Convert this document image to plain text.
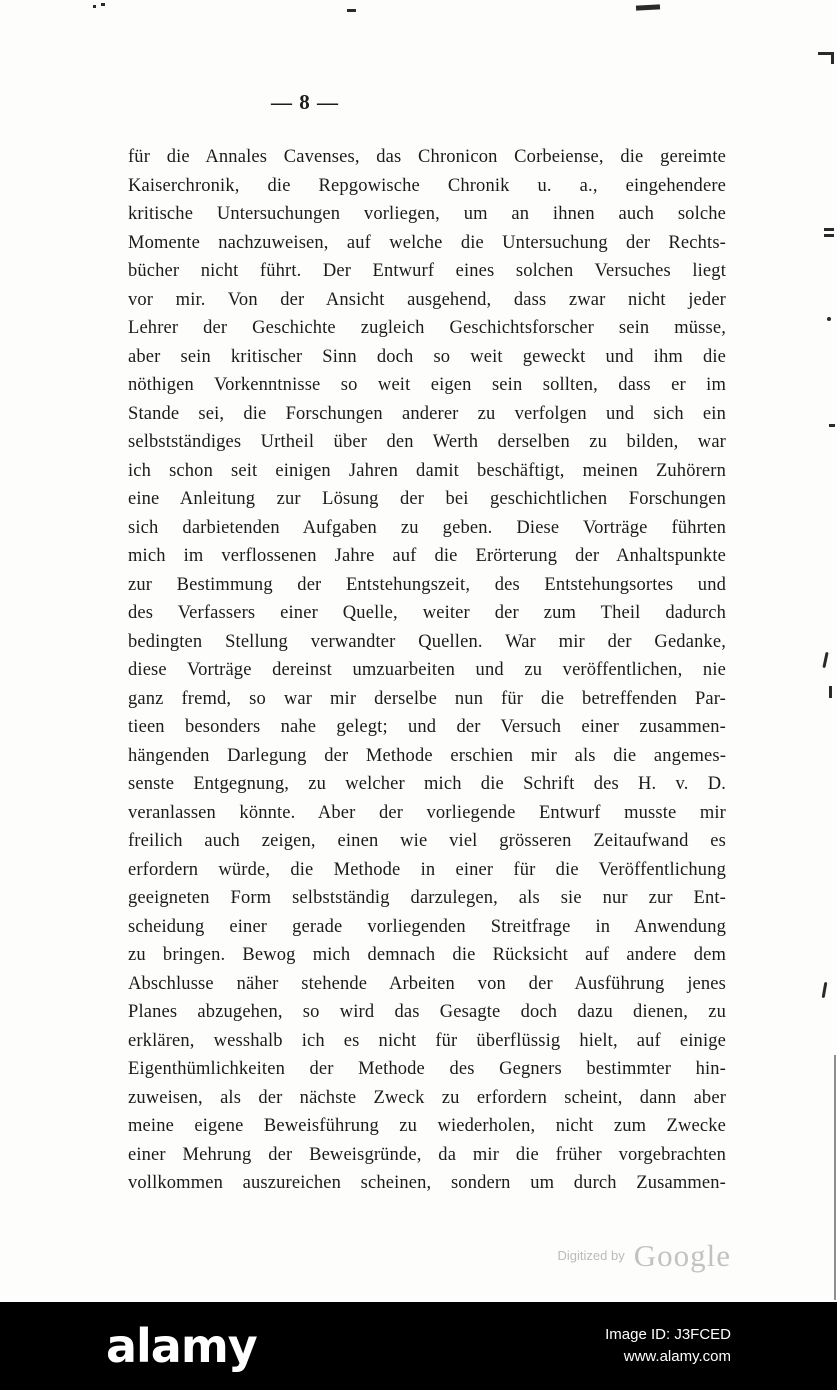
— 8 —
für die Annales Cavenses, das Chronicon Corbeiense, die gereimte
Kaiserchronik, die Repgowische Chronik u. a., eingehendere
kritische Untersuchungen vorliegen, um an ihnen auch solche
Momente nachzuweisen, auf welche die Untersuchung der Rechts-
bücher nicht führt. Der Entwurf eines solchen Versuches liegt
vor mir. Von der Ansicht ausgehend, dass zwar nicht jeder
Lehrer der Geschichte zugleich Geschichtsforscher sein müsse,
aber sein kritischer Sinn doch so weit geweckt und ihm die
nöthigen Vorkenntnisse so weit eigen sein sollten, dass er im
Stande sei, die Forschungen anderer zu verfolgen und sich ein
selbstständiges Urtheil über den Werth derselben zu bilden, war
ich schon seit einigen Jahren damit beschäftigt, meinen Zuhörern
eine Anleitung zur Lösung der bei geschichtlichen Forschungen
sich darbietenden Aufgaben zu geben. Diese Vorträge führten
mich im verflossenen Jahre auf die Erörterung der Anhaltspunkte
zur Bestimmung der Entstehungszeit, des Entstehungsortes und
des Verfassers einer Quelle, weiter der zum Theil dadurch
bedingten Stellung verwandter Quellen. War mir der Gedanke,
diese Vorträge dereinst umzuarbeiten und zu veröffentlichen, nie
ganz fremd, so war mir derselbe nun für die betreffenden Par-
tieen besonders nahe gelegt; und der Versuch einer zusammen-
hängenden Darlegung der Methode erschien mir als die angemes-
senste Entgegnung, zu welcher mich die Schrift des H. v. D.
veranlassen könnte. Aber der vorliegende Entwurf musste mir
freilich auch zeigen, einen wie viel grösseren Zeitaufwand es
erfordern würde, die Methode in einer für die Veröffentlichung
geeigneten Form selbstständig darzulegen, als sie nur zur Ent-
scheidung einer gerade vorliegenden Streitfrage in Anwendung
zu bringen. Bewog mich demnach die Rücksicht auf andere dem
Abschlusse näher stehende Arbeiten von der Ausführung jenes
Planes abzugehen, so wird das Gesagte doch dazu dienen, zu
erklären, wesshalb ich es nicht für überflüssig hielt, auf einige
Eigenthümlichkeiten der Methode des Gegners bestimmter hin-
zuweisen, als der nächste Zweck zu erfordern scheint, dann aber
meine eigene Beweisführung zu wiederholen, nicht zum Zwecke
einer Mehrung der Beweisgründe, da mir die früher vorgebrachten
vollkommen auszureichen scheinen, sondern um durch Zusammen-
$^{Digitized by}$ Google
alamy	Image ID: J3FCED
www.alamy.com
